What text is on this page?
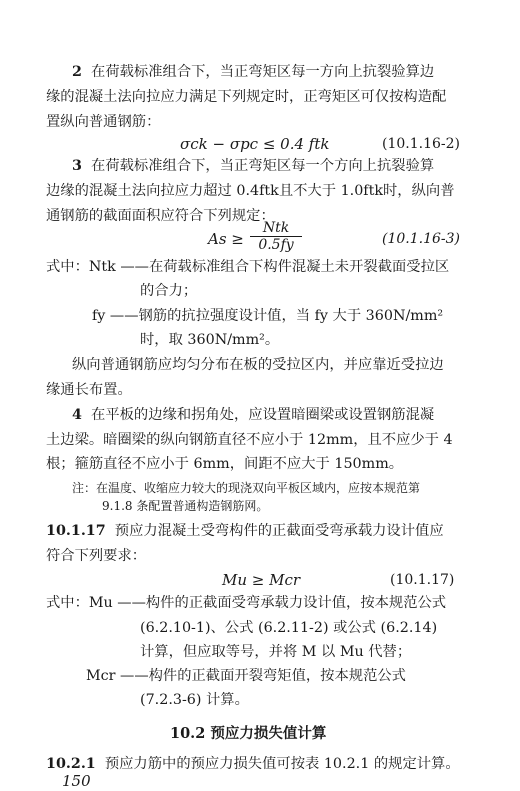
2 在荷载标准组合下，当正弯矩区每一方向上抗裂验算边
缘的混凝土法向拉应力满足下列规定时，正弯矩区可仅按构造配
置纵向普通钢筋：
σck − σpc ≤ 0.4 ftk	(10.1.16-2)
3 在荷载标准组合下，当正弯矩区每一个方向上抗裂验算
边缘的混凝土法向拉应力超过 0.4ftk且不大于 1.0ftk时，纵向普
通钢筋的截面面积应符合下列规定：
As ≥
Ntk
0.5fy	(10.1.16-3)
式中：Ntk ——在荷载标准组合下构件混凝土未开裂截面受拉区
的合力；
fy ——钢筋的抗拉强度设计值，当 fy 大于 360N/mm²
时，取 360N/mm²。
纵向普通钢筋应均匀分布在板的受拉区内，并应靠近受拉边
缘通长布置。
4 在平板的边缘和拐角处，应设置暗圈梁或设置钢筋混凝
土边梁。暗圈梁的纵向钢筋直径不应小于 12mm，且不应少于 4
根；箍筋直径不应小于 6mm，间距不应大于 150mm。
注：在温度、收缩应力较大的现浇双向平板区域内，应按本规范第
9.1.8 条配置普通构造钢筋网。
10.1.17 预应力混凝土受弯构件的正截面受弯承载力设计值应
符合下列要求：
Mu ≥ Mcr	(10.1.17)
式中：Mu ——构件的正截面受弯承载力设计值，按本规范公式
(6.2.10-1)、公式 (6.2.11-2) 或公式 (6.2.14)
计算，但应取等号，并将 M 以 Mu 代替；
Mcr ——构件的正截面开裂弯矩值，按本规范公式
(7.2.3-6) 计算。
10.2 预应力损失值计算
10.2.1 预应力筋中的预应力损失值可按表 10.2.1 的规定计算。
150
